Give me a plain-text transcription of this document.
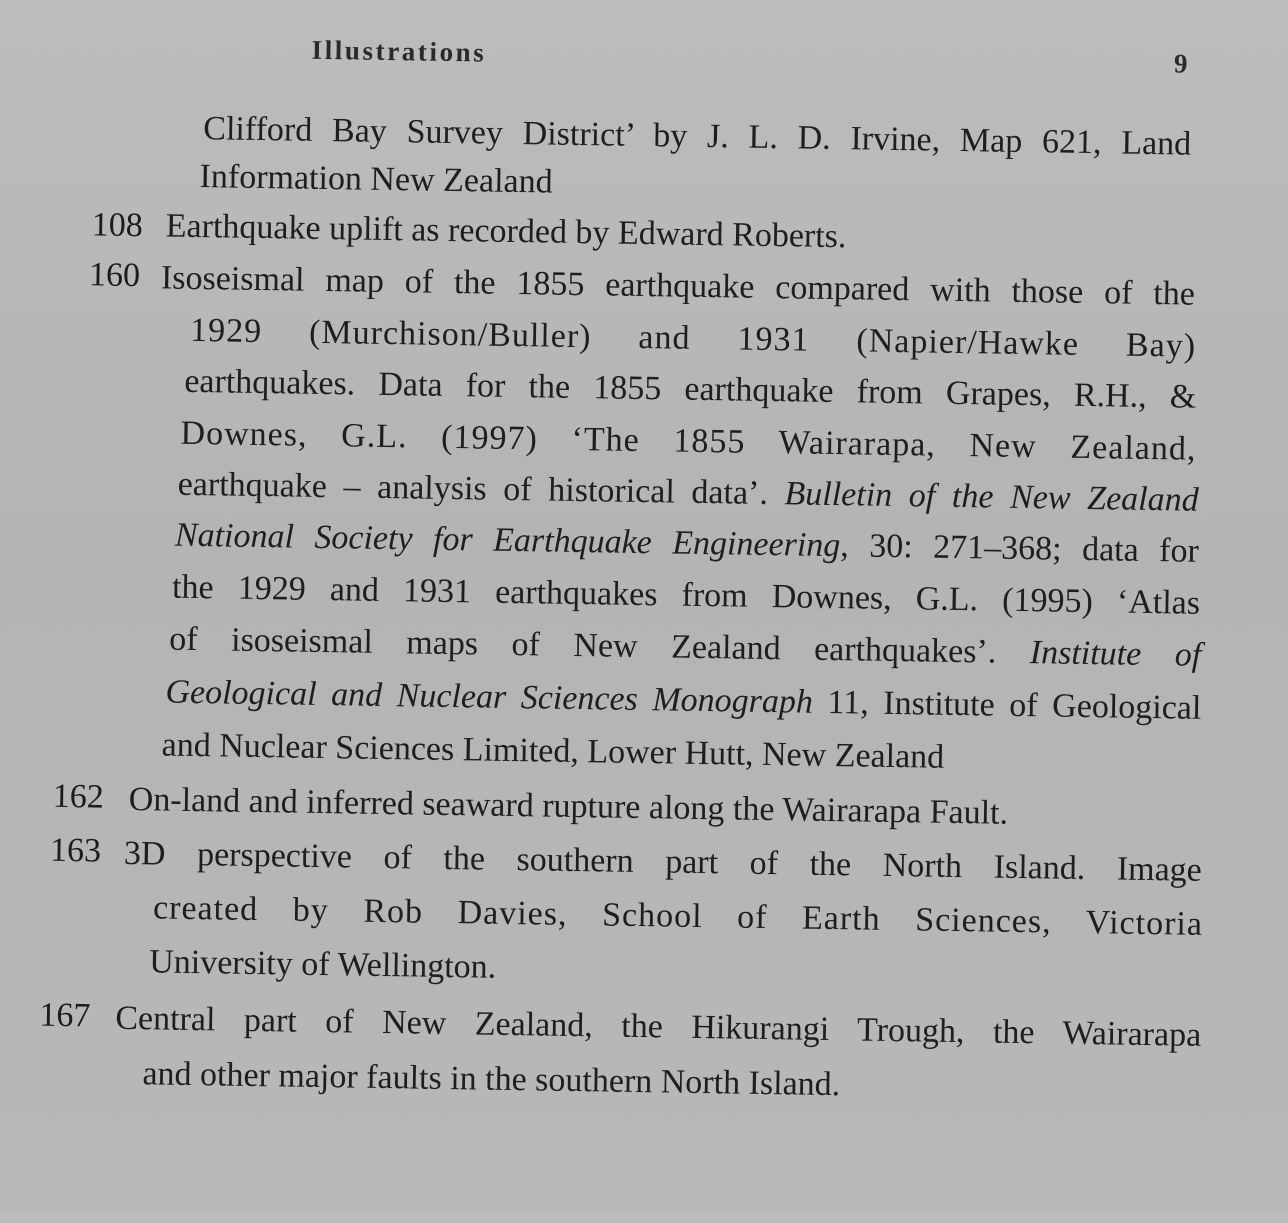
Illustrations	9
Clifford Bay Survey District’ by J. L. D. Irvine, Map 621, Land
Information New Zealand
108 Earthquake uplift as recorded by Edward Roberts.
160 Isoseismal map of the 1855 earthquake compared with those of the
1929 (Murchison/Buller) and 1931 (Napier/Hawke Bay)
earthquakes. Data for the 1855 earthquake from Grapes, R.H., &
Downes, G.L. (1997) ‘The 1855 Wairarapa, New Zealand,
earthquake – analysis of historical data’. Bulletin of the New Zealand
National Society for Earthquake Engineering, 30: 271–368; data for
the 1929 and 1931 earthquakes from Downes, G.L. (1995) ‘Atlas
of isoseismal maps of New Zealand earthquakes’. Institute of
Geological and Nuclear Sciences Monograph 11, Institute of Geological
and Nuclear Sciences Limited, Lower Hutt, New Zealand
162 On-land and inferred seaward rupture along the Wairarapa Fault.
163 3D perspective of the southern part of the North Island. Image
created by Rob Davies, School of Earth Sciences, Victoria
University of Wellington.
167 Central part of New Zealand, the Hikurangi Trough, the Wairarapa
and other major faults in the southern North Island.
